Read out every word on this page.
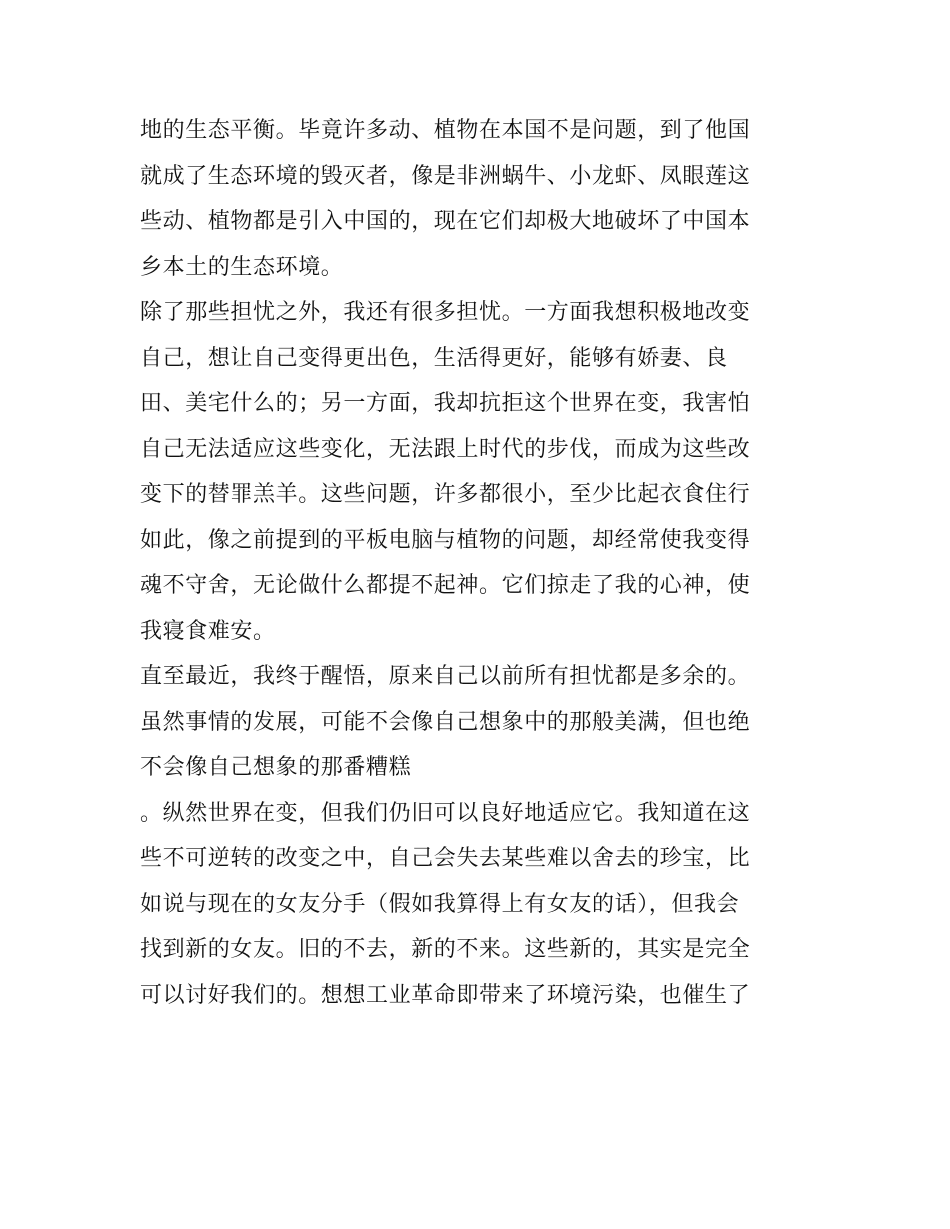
地的生态平衡。毕竟许多动、植物在本国不是问题，到了他国
就成了生态环境的毁灭者，像是非洲蜗牛、小龙虾、凤眼莲这
些动、植物都是引入中国的，现在它们却极大地破坏了中国本
乡本土的生态环境。
除了那些担忧之外，我还有很多担忧。一方面我想积极地改变
自己，想让自己变得更出色，生活得更好，能够有娇妻、良
田、美宅什么的；另一方面，我却抗拒这个世界在变，我害怕
自己无法适应这些变化，无法跟上时代的步伐，而成为这些改
变下的替罪羔羊。这些问题，许多都很小，至少比起衣食住行
如此，像之前提到的平板电脑与植物的问题，却经常使我变得
魂不守舍，无论做什么都提不起神。它们掠走了我的心神，使
我寝食难安。
直至最近，我终于醒悟，原来自己以前所有担忧都是多余的。
虽然事情的发展，可能不会像自己想象中的那般美满，但也绝
不会像自己想象的那番糟糕
。纵然世界在变，但我们仍旧可以良好地适应它。我知道在这
些不可逆转的改变之中，自己会失去某些难以舍去的珍宝，比
如说与现在的女友分手（假如我算得上有女友的话），但我会
找到新的女友。旧的不去，新的不来。这些新的，其实是完全
可以讨好我们的。想想工业革命即带来了环境污染，也催生了
